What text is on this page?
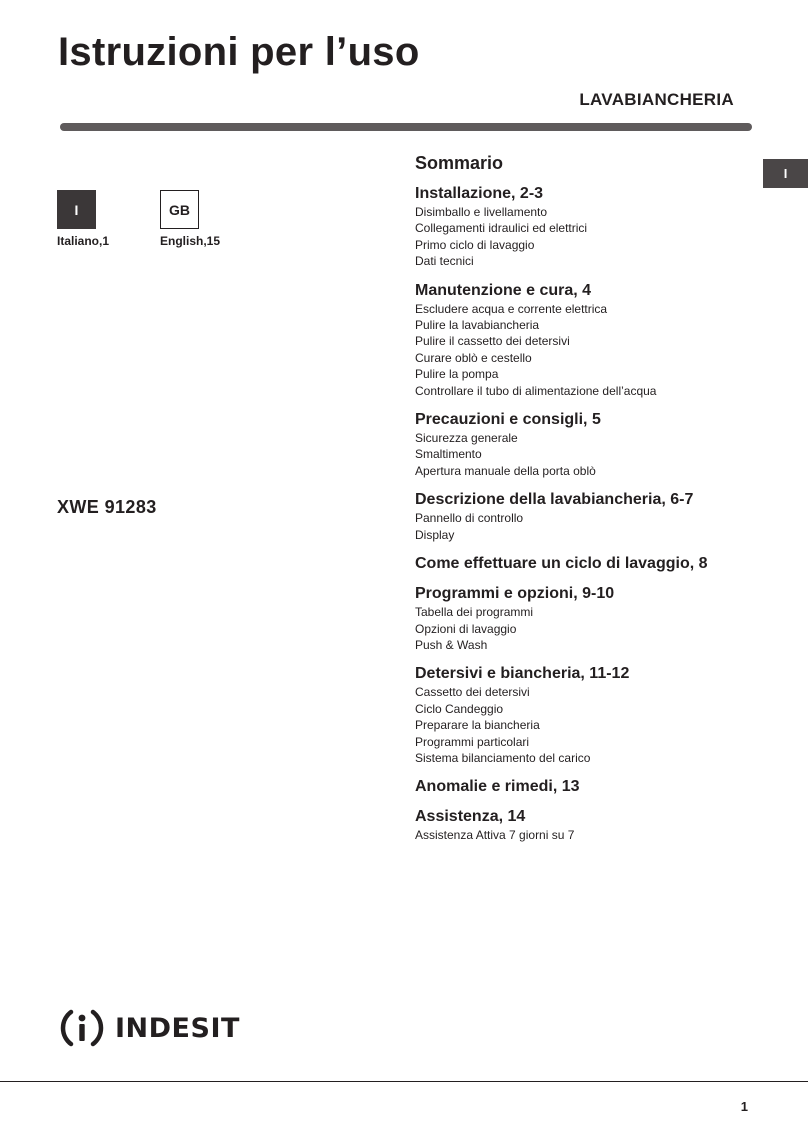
Istruzioni per l’uso
LAVABIANCHERIA
I
I
Italiano,1
GB
English,15
XWE 91283
Sommario
Installazione, 2-3
Disimballo e livellamento
Collegamenti idraulici ed elettrici
Primo ciclo di lavaggio
Dati tecnici
Manutenzione e cura, 4
Escludere acqua e corrente elettrica
Pulire la lavabiancheria
Pulire il cassetto dei detersivi
Curare oblò e cestello
Pulire la pompa
Controllare il tubo di alimentazione dell’acqua
Precauzioni e consigli, 5
Sicurezza generale
Smaltimento
Apertura manuale della porta oblò
Descrizione della lavabiancheria, 6-7
Pannello di controllo
Display
Come effettuare un ciclo di lavaggio, 8
Programmi e opzioni, 9-10
Tabella dei programmi
Opzioni di lavaggio
Push & Wash
Detersivi e biancheria, 11-12
Cassetto dei detersivi
Ciclo Candeggio
Preparare la biancheria
Programmi particolari
Sistema bilanciamento del carico
Anomalie e rimedi, 13
Assistenza, 14
Assistenza Attiva 7 giorni su 7
INDESIT
1
